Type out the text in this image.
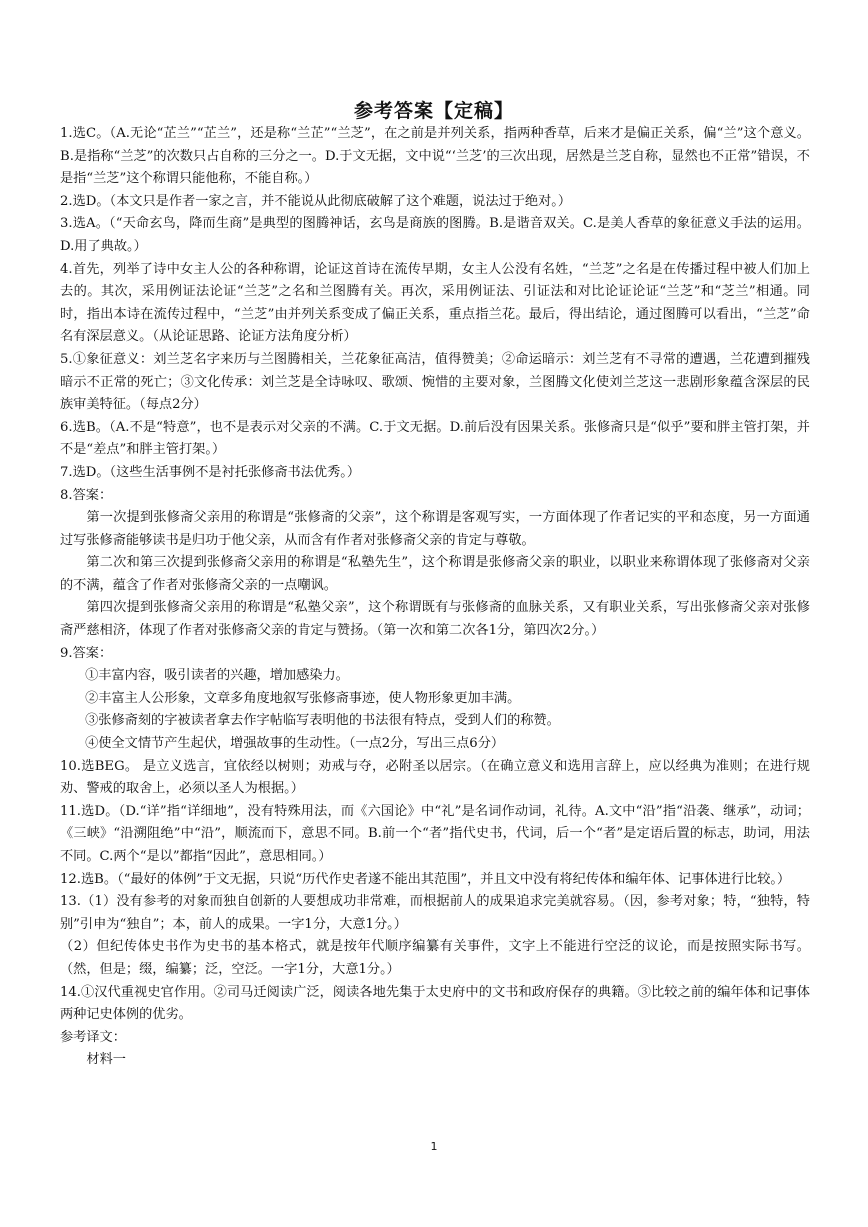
参考答案【定稿】

1.选C。（A.无论“芷兰”“芷兰”，还是称“兰芷”“兰芝”，在之前是并列关系，指两种香草，后来才是偏正关系，偏“兰”这个意义。B.是指称“兰芝”的次数只占自称的三分之一。D.于文无据，文中说“‘兰芝’的三次出现，居然是兰芝自称，显然也不正常”错误，不是指“兰芝”这个称谓只能他称，不能自称。）

2.选D。（本文只是作者一家之言，并不能说从此彻底破解了这个难题，说法过于绝对。）

3.选A。（“天命玄鸟，降而生商”是典型的图腾神话，玄鸟是商族的图腾。B.是谐音双关。C.是美人香草的象征意义手法的运用。D.用了典故。）

4.首先，列举了诗中女主人公的各种称谓，论证这首诗在流传早期，女主人公没有名姓，“兰芝”之名是在传播过程中被人们加上去的。其次，采用例证法论证“兰芝”之名和兰图腾有关。再次，采用例证法、引证法和对比论证论证“兰芝”和“芝兰”相通。同时，指出本诗在流传过程中，“兰芝”由并列关系变成了偏正关系，重点指兰花。最后，得出结论，通过图腾可以看出，“兰芝”命名有深层意义。（从论证思路、论证方法角度分析）

5.①象征意义：刘兰芝名字来历与兰图腾相关，兰花象征高洁，值得赞美；②命运暗示：刘兰芝有不寻常的遭遇，兰花遭到摧残暗示不正常的死亡；③文化传承：刘兰芝是全诗咏叹、歌颂、惋惜的主要对象，兰图腾文化使刘兰芝这一悲剧形象蕴含深层的民族审美特征。（每点2分）

6.选B。（A.不是“特意”，也不是表示对父亲的不满。C.于文无据。D.前后没有因果关系。张修斋只是“似乎”要和胖主管打架，并不是“差点”和胖主管打架。）

7.选D。（这些生活事例不是衬托张修斋书法优秀。）

8.答案：

第一次提到张修斋父亲用的称谓是“张修斋的父亲”，这个称谓是客观写实，一方面体现了作者记实的平和态度，另一方面通过写张修斋能够读书是归功于他父亲，从而含有作者对张修斋父亲的肯定与尊敬。

第二次和第三次提到张修斋父亲用的称谓是“私塾先生”，这个称谓是张修斋父亲的职业，以职业来称谓体现了张修斋对父亲的不满，蕴含了作者对张修斋父亲的一点嘲讽。

第四次提到张修斋父亲用的称谓是“私塾父亲”，这个称谓既有与张修斋的血脉关系，又有职业关系，写出张修斋父亲对张修斋严慈相济，体现了作者对张修斋父亲的肯定与赞扬。（第一次和第二次各1分，第四次2分。）

9.答案：

①丰富内容，吸引读者的兴趣，增加感染力。

②丰富主人公形象，文章多角度地叙写张修斋事迹，使人物形象更加丰满。

③张修斋刻的字被读者拿去作字帖临写表明他的书法很有特点，受到人们的称赞。

④使全文情节产生起伏，增强故事的生动性。（一点2分，写出三点6分）

10.选BEG。 是立义选言，宜依经以树则；劝戒与夺，必附圣以居宗。（在确立意义和选用言辞上，应以经典为准则；在进行规劝、警戒的取舍上，必须以圣人为根据。）

11.选D。（D.“详”指“详细地”，没有特殊用法，而《六国论》中“礼”是名词作动词，礼待。A.文中“沿”指“沿袭、继承”，动词；《三峡》“沿溯阻绝”中“沿”，顺流而下，意思不同。B.前一个“者”指代史书，代词，后一个“者”是定语后置的标志，助词，用法不同。C.两个“是以”都指“因此”，意思相同。）

12.选B。（“最好的体例”于文无据，只说“历代作史者遂不能出其范围”，并且文中没有将纪传体和编年体、记事体进行比较。）

13.（1）没有参考的对象而独自创新的人要想成功非常难，而根据前人的成果追求完美就容易。（因，参考对象；特，“独特，特别”引申为“独自”；本，前人的成果。一字1分，大意1分。）

（2）但纪传体史书作为史书的基本格式，就是按年代顺序编纂有关事件，文字上不能进行空泛的议论，而是按照实际书写。（然，但是；缀，编纂；泛，空泛。一字1分，大意1分。）

14.①汉代重视史官作用。②司马迁阅读广泛，阅读各地先集于太史府中的文书和政府保存的典籍。③比较之前的编年体和记事体两种记史体例的优劣。

参考译文：

材料一

1
